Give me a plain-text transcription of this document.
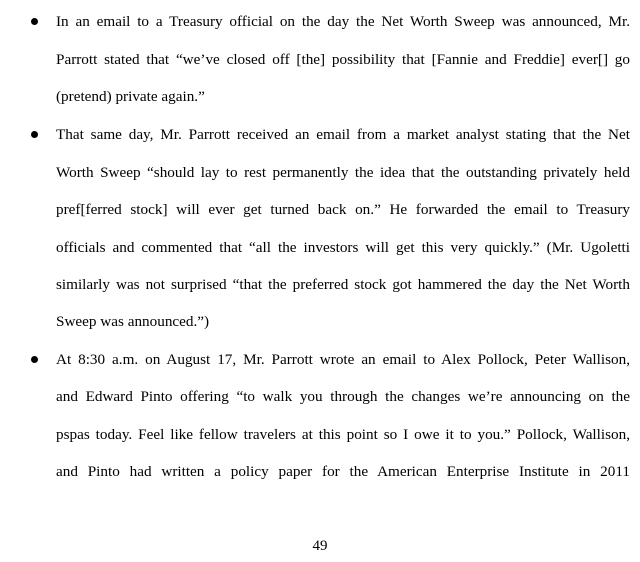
In an email to a Treasury official on the day the Net Worth Sweep was announced, Mr.
Parrott stated that “we’ve closed off [the] possibility that [Fannie and Freddie] ever[] go
(pretend) private again.”
That same day, Mr. Parrott received an email from a market analyst stating that the Net
Worth Sweep “should lay to rest permanently the idea that the outstanding privately held
pref[ferred stock] will ever get turned back on.” He forwarded the email to Treasury
officials and commented that “all the investors will get this very quickly.” (Mr. Ugoletti
similarly was not surprised “that the preferred stock got hammered the day the Net Worth
Sweep was announced.”)
At 8:30 a.m. on August 17, Mr. Parrott wrote an email to Alex Pollock, Peter Wallison,
and Edward Pinto offering “to walk you through the changes we’re announcing on the
pspas today. Feel like fellow travelers at this point so I owe it to you.” Pollock, Wallison,
and Pinto had written a policy paper for the American Enterprise Institute in 2011
49
